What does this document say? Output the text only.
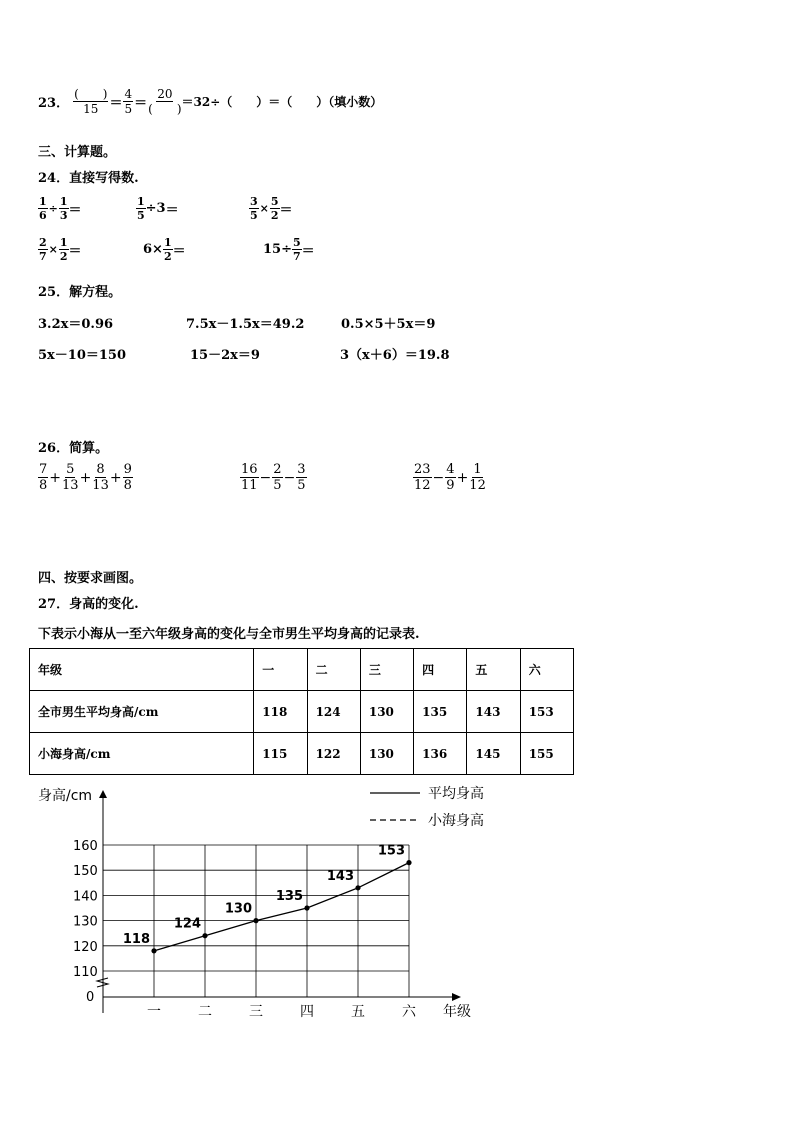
23． $\frac{( )}{15} = \frac{4}{5} = \frac{20}{( )} =32\div$（　　）＝（　　）（填小数）
三、计算题。
24．直接写得数.
$\frac{1}{6} \div \frac{1}{3}$ ＝	$\frac{1}{5} \div 3$ ＝	$\frac{3}{5} \times \frac{5}{2}$ ＝
$\frac{2}{7} \times \frac{1}{2}$ ＝	$6\times \frac{1}{2}$ ＝	$15\div \frac{5}{7}$ ＝
25．解方程。
3.2x＝0.96	7.5x－1.5x＝49.2	0.5×5＋5x＝9
5x－10＝150	15－2x＝9	3（x＋6）＝19.8
26．简算。
$\frac{7}{8} + \frac{5}{13} + \frac{8}{13} + \frac{9}{8}$	$\frac{16}{11} - \frac{2}{5} - \frac{3}{5}$	$\frac{23}{12} - \frac{4}{9} + \frac{1}{12}$
四、按要求画图。
27．身高的变化.
下表示小海从一至六年级身高的变化与全市男生平均身高的记录表.
年级	一	二	三	四	五	六
全市男生平均身高/cm	118	124	130	135	143	153
小海身高/cm	115	122	130	136	145	155
身高/cm
年级
160
150
140
130
120
110
0
一	二	三	四	五	六
平均身高
小海身高
118
124
130
135
143
153
